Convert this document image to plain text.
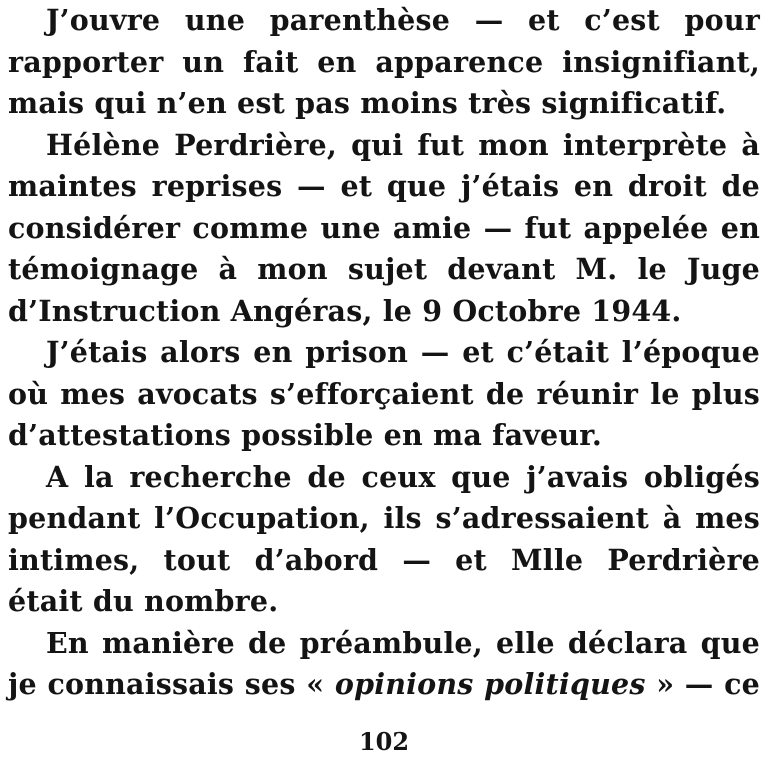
J’ouvre une parenthèse — et c’est pour
rapporter un fait en apparence insignifiant,
mais qui n’en est pas moins très significatif.
Hélène Perdrière, qui fut mon interprète à
maintes reprises — et que j’étais en droit de
considérer comme une amie — fut appelée en
témoignage à mon sujet devant M. le Juge
d’Instruction Angéras, le 9 Octobre 1944.
J’étais alors en prison — et c’était l’époque
où mes avocats s’efforçaient de réunir le plus
d’attestations possible en ma faveur.
A la recherche de ceux que j’avais obligés
pendant l’Occupation, ils s’adressaient à mes
intimes, tout d’abord — et Mlle Perdrière
était du nombre.
En manière de préambule, elle déclara que
je connaissais ses « opinions politiques » — ce
102
